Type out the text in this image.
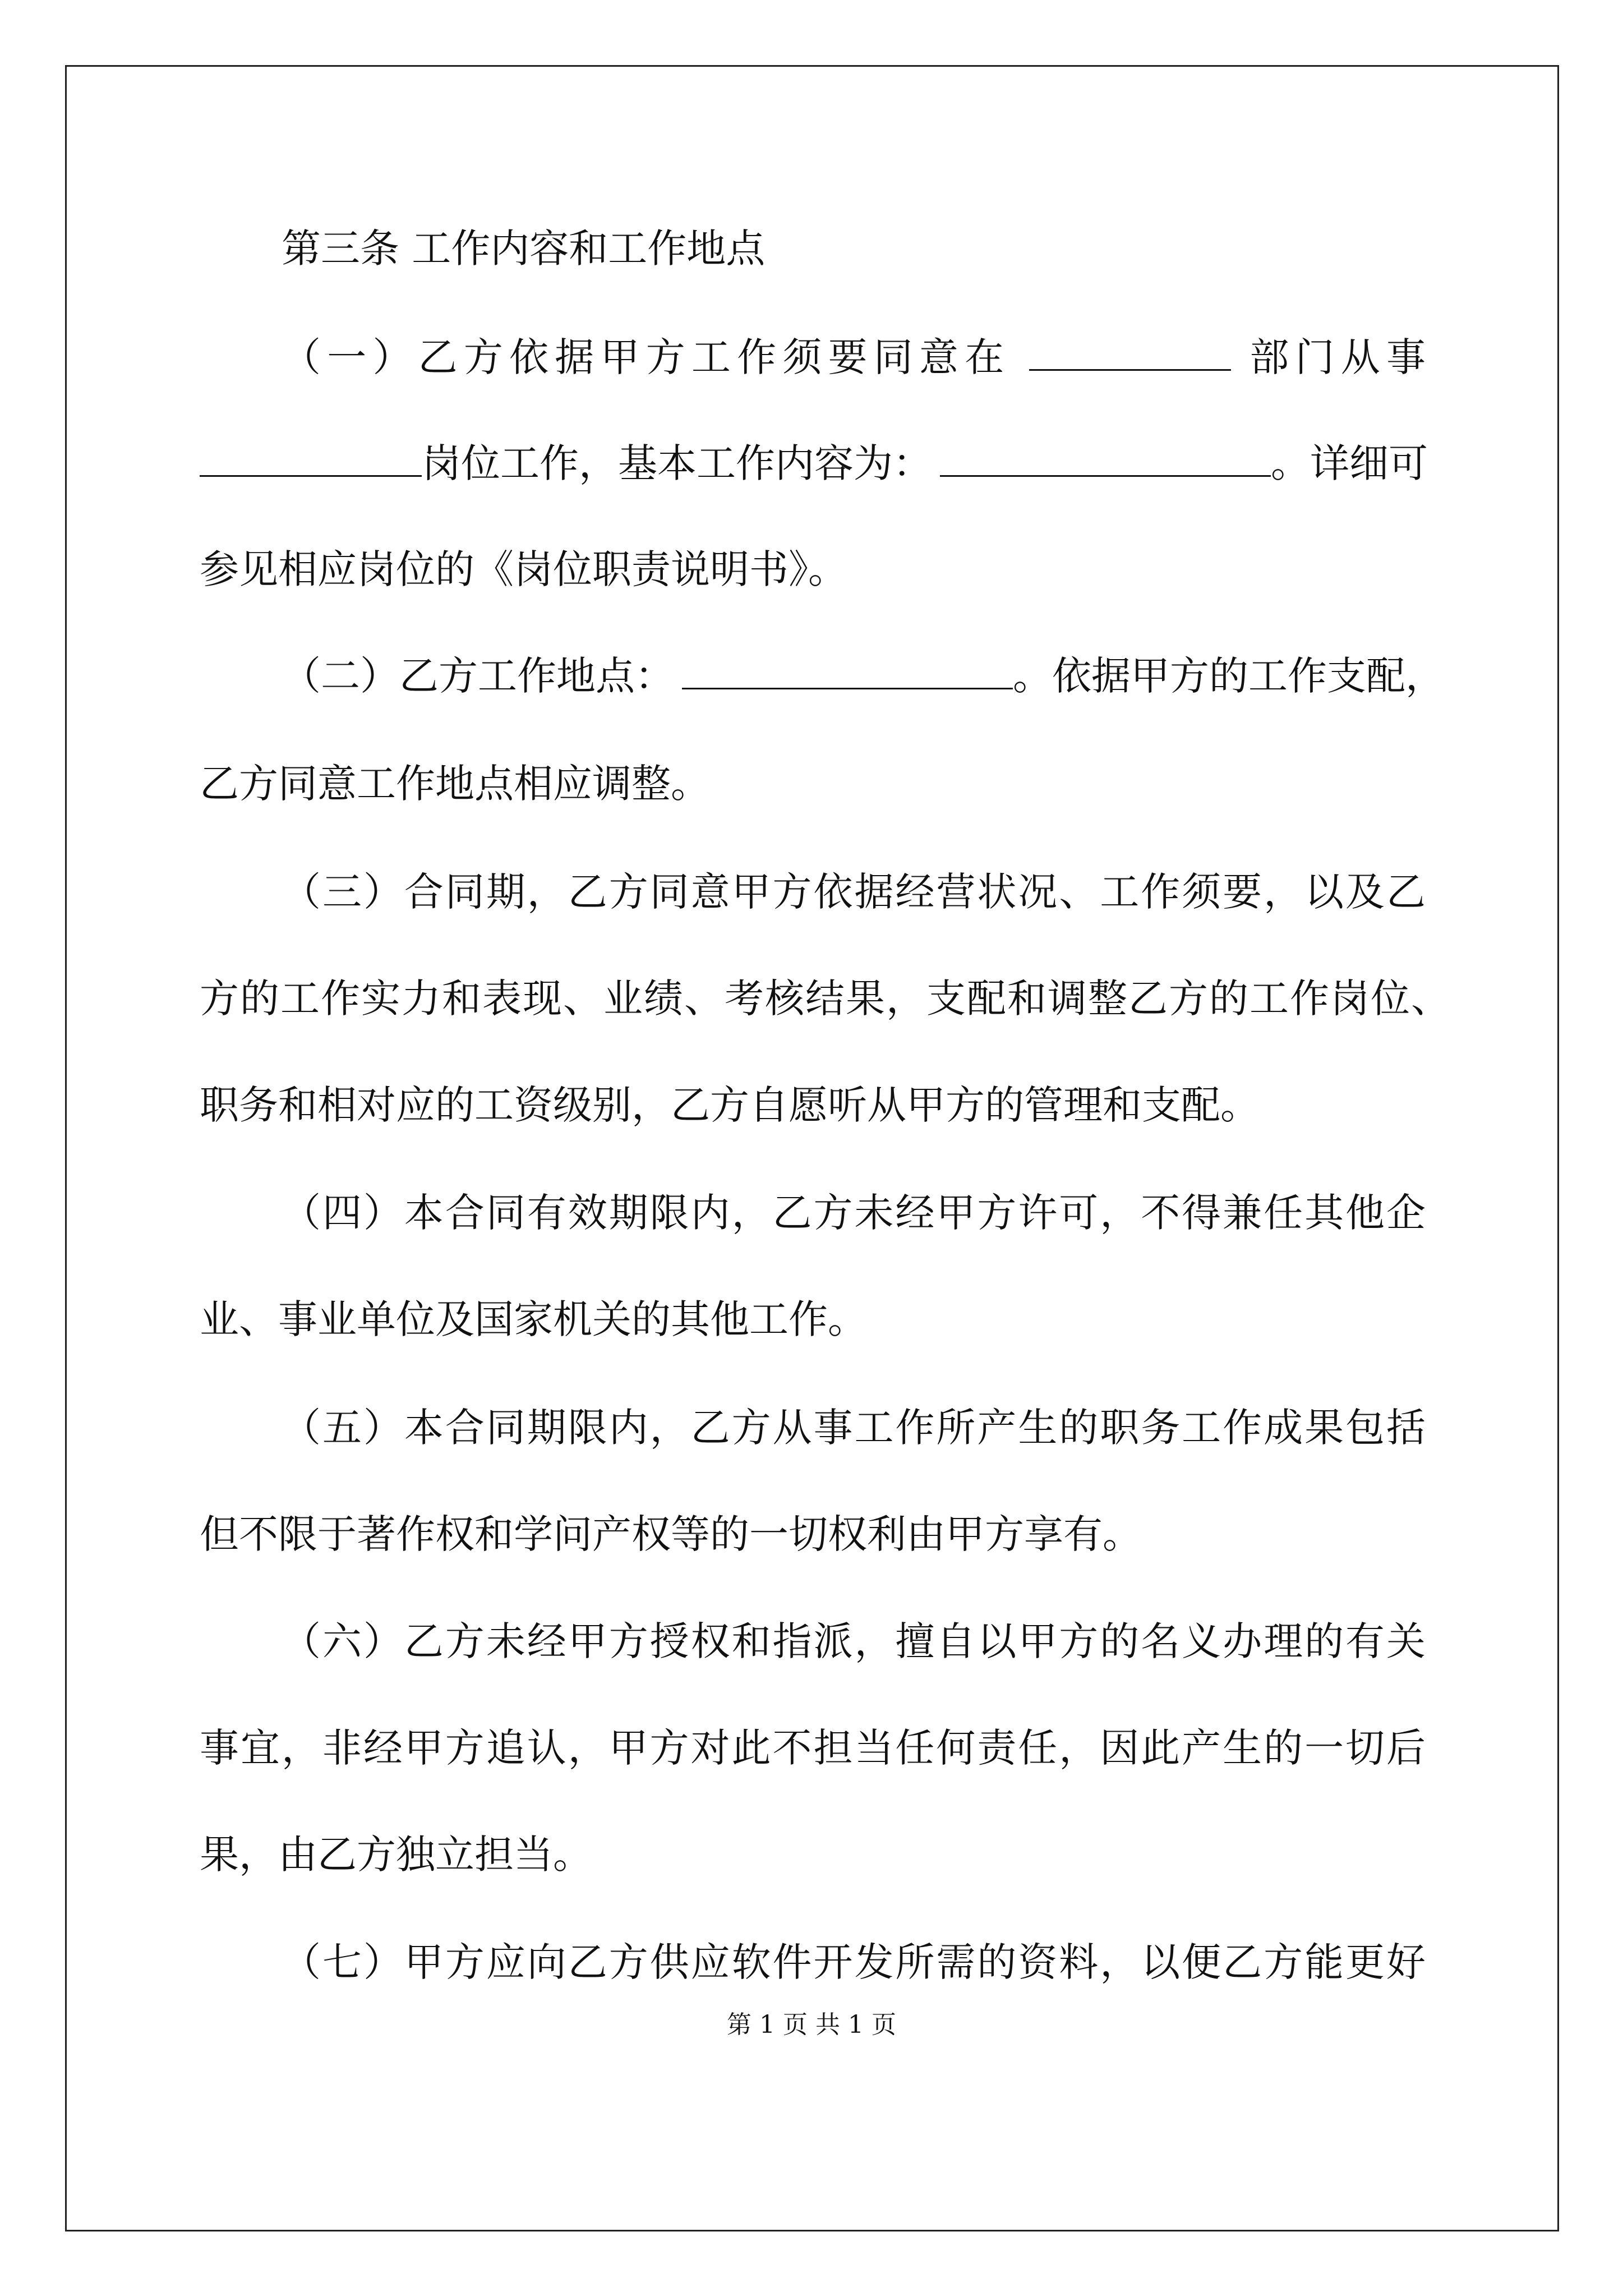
第三条 工作内容和工作地点

（一）乙方依据甲方工作须要同意在	部门从事

岗位工作，基本工作内容为：	。详细可

参见相应岗位的《岗位职责说明书》。

（二）乙方工作地点：	。依据甲方的工作支配，

乙方同意工作地点相应调整。

（三）合同期，乙方同意甲方依据经营状况、工作须要，以及乙

方的工作实力和表现、业绩、考核结果，支配和调整乙方的工作岗位、

职务和相对应的工资级别，乙方自愿听从甲方的管理和支配。

（四）本合同有效期限内，乙方未经甲方许可，不得兼任其他企

业、事业单位及国家机关的其他工作。

（五）本合同期限内，乙方从事工作所产生的职务工作成果包括

但不限于著作权和学问产权等的一切权利由甲方享有。

（六）乙方未经甲方授权和指派，擅自以甲方的名义办理的有关

事宜，非经甲方追认，甲方对此不担当任何责任，因此产生的一切后

果，由乙方独立担当。

（七）甲方应向乙方供应软件开发所需的资料，以便乙方能更好

第 1 页 共 1 页
